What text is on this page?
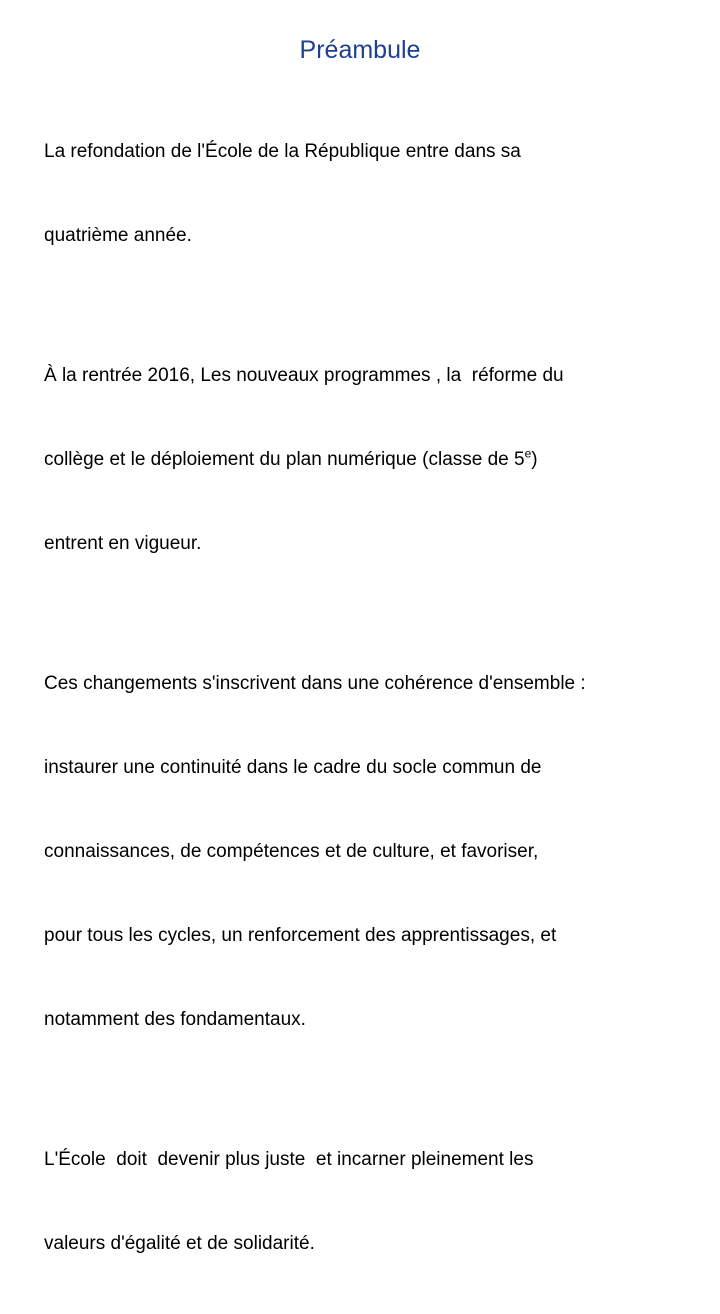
Préambule

La refondation de l'École de la République entre dans sa

quatrième année.

À la rentrée 2016, Les nouveaux programmes , la  réforme du

collège et le déploiement du plan numérique (classe de 5e)

entrent en vigueur.

Ces changements s'inscrivent dans une cohérence d'ensemble :

instaurer une continuité dans le cadre du socle commun de

connaissances, de compétences et de culture, et favoriser,

pour tous les cycles, un renforcement des apprentissages, et

notamment des fondamentaux.

L'École  doit  devenir plus juste  et incarner pleinement les

valeurs d'égalité et de solidarité.
